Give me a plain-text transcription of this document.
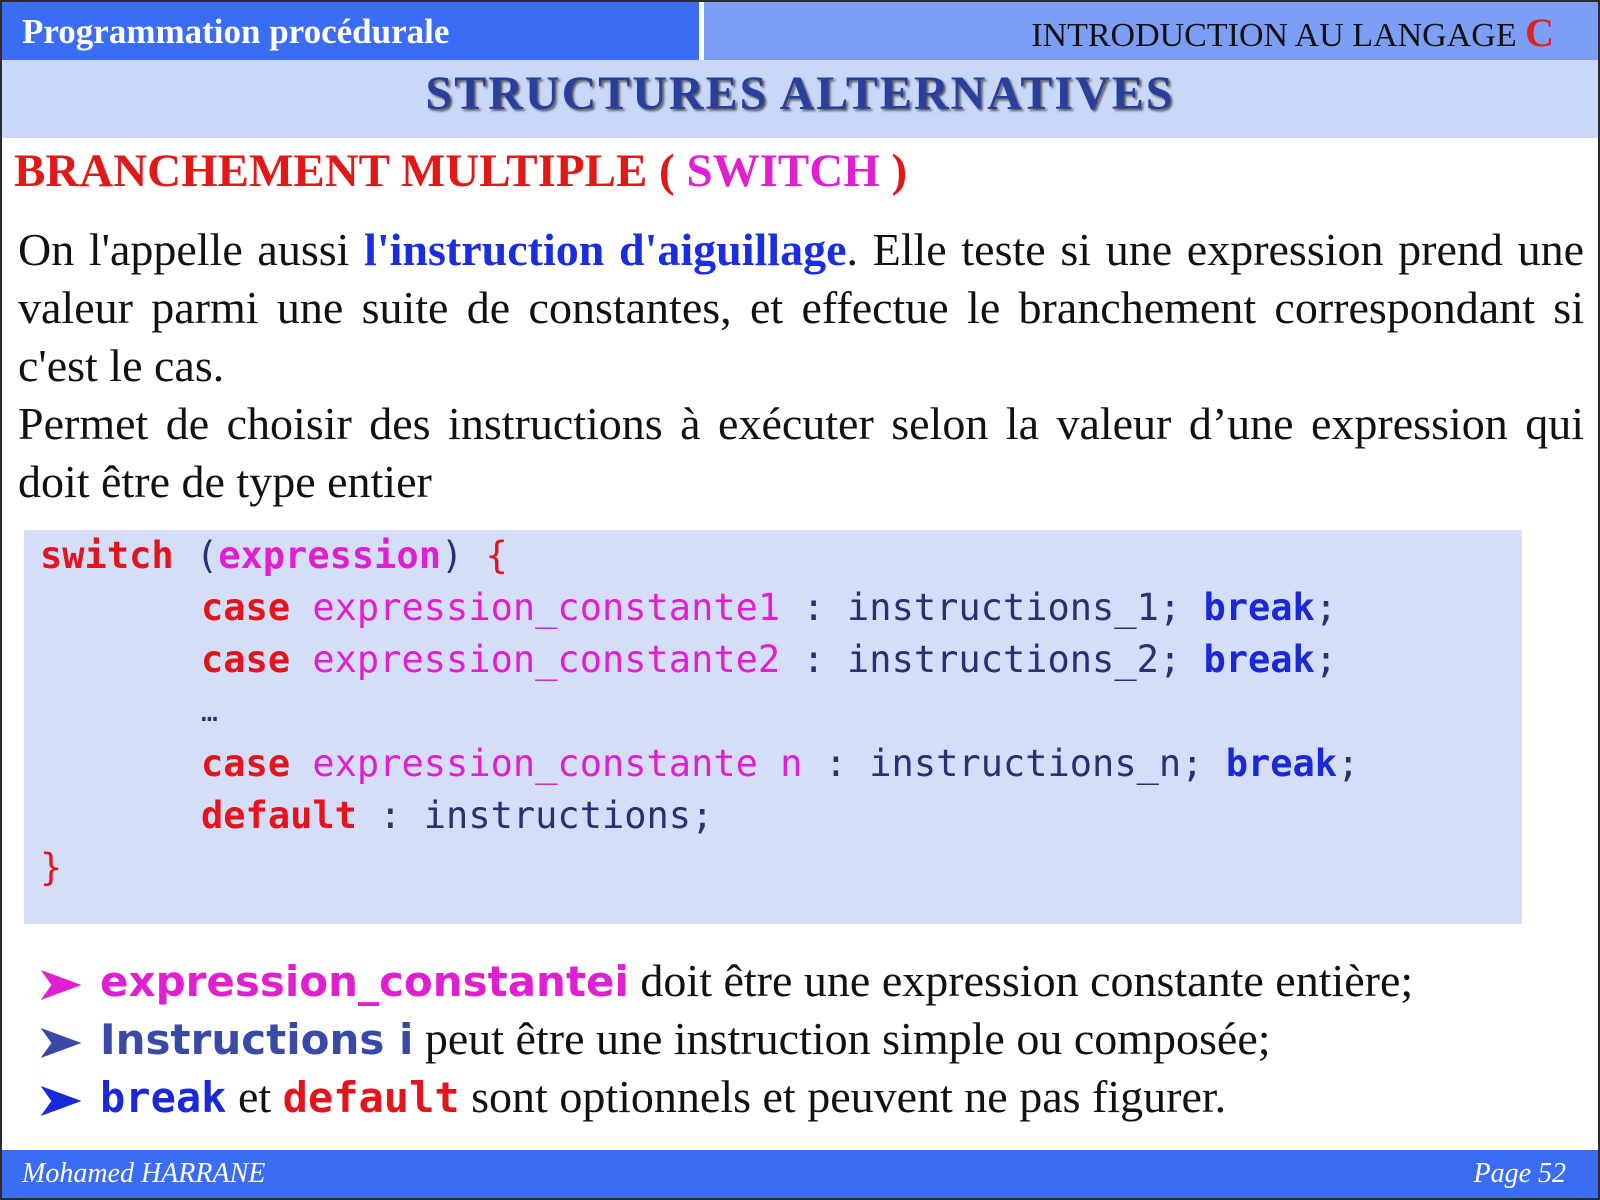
Programmation procédurale	INTRODUCTION AU LANGAGE C
STRUCTURES ALTERNATIVES
BRANCHEMENT MULTIPLE ( SWITCH )
On l'appelle aussi l'instruction d'aiguillage. Elle teste si une expression prend une valeur parmi une suite de constantes, et effectue le branchement correspondant si c'est le cas.
Permet de choisir des instructions à exécuter selon la valeur d’une expression qui doit être de type entier
switch (expression) {
case expression_constante1 : instructions_1; break;
case expression_constante2 : instructions_2; break;
…
case expression_constante n : instructions_n; break;
default : instructions;
}
expression_constantei doit être une expression constante entière;
Instructions i peut être une instruction simple ou composée;
break et default sont optionnels et peuvent ne pas figurer.
Mohamed HARRANE	Page 52
